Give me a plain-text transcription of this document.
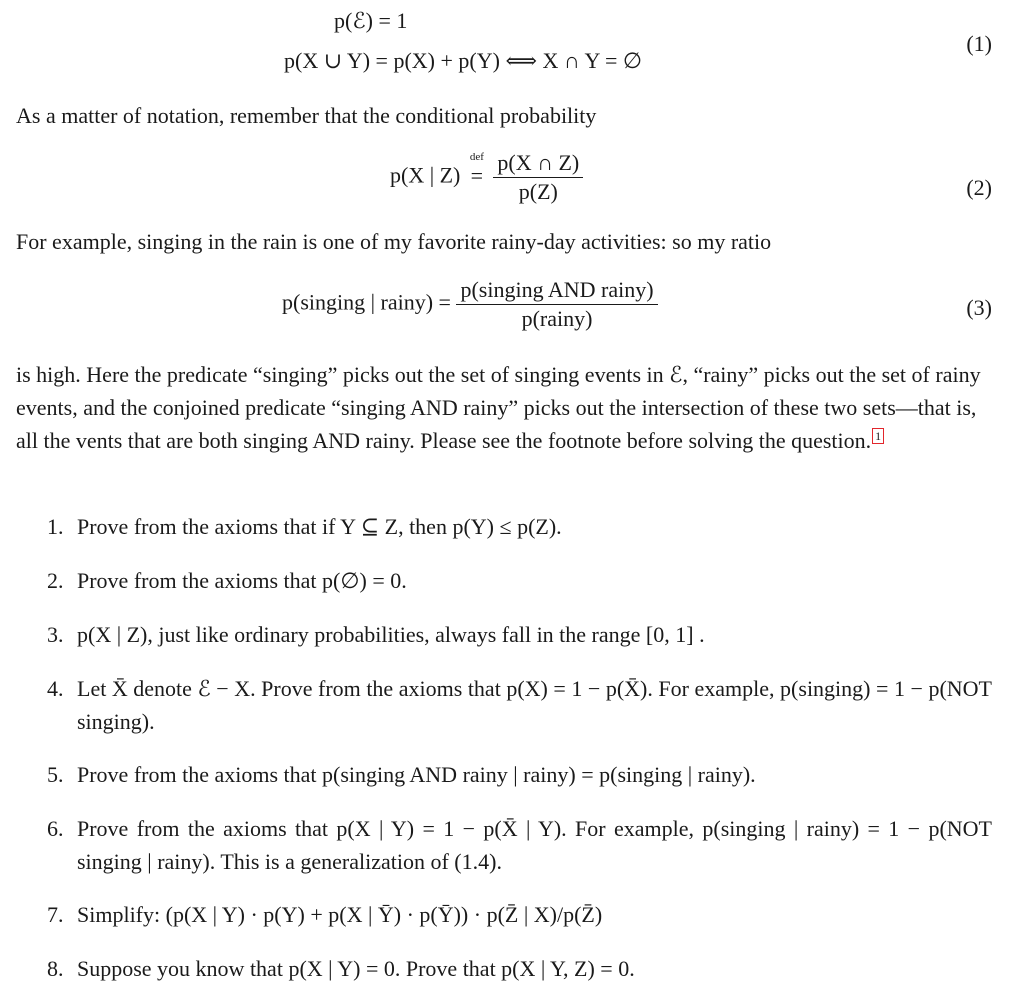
p(ℰ) = 1
p(X ∪ Y) = p(X) + p(Y) ⟺ X ∩ Y = ∅
(1)

As a matter of notation, remember that the conditional probability

p(X | Z)
def
= $\frac{p(X \cap Z)}{p(Z)}$	(2)

For example, singing in the rain is one of my favorite rainy-day activities: so my ratio

p(singing | rainy) = $\frac{\text{p(singing AND rainy)}}{\text{p(rainy)}}$	(3)

is high. Here the predicate “singing” picks out the set of singing events in ℰ, “rainy” picks out the set of rainy events, and the conjoined predicate “singing AND rainy” picks out the intersection of these two sets—that is, all the vents that are both singing AND rainy. Please see the footnote before solving the question. 1

1. Prove from the axioms that if Y ⊆ Z, then p(Y) ≤ p(Z).
2. Prove from the axioms that p(∅) = 0.
3. p(X | Z), just like ordinary probabilities, always fall in the range [0, 1] .
4. Let X̄ denote ℰ − X. Prove from the axioms that p(X) = 1 − p(X̄). For example, p(singing) = 1 − p(NOT singing).
5. Prove from the axioms that p(singing AND rainy | rainy) = p(singing | rainy).
6. Prove from the axioms that p(X | Y) = 1 − p(X̄ | Y). For example, p(singing | rainy) = 1 − p(NOT singing | rainy). This is a generalization of (1.4).
7. Simplify: (p(X | Y) · p(Y) + p(X | Ȳ) · p(Ȳ)) · p(Z̄ | X)/p(Z̄)
8. Suppose you know that p(X | Y) = 0. Prove that p(X | Y, Z) = 0.
